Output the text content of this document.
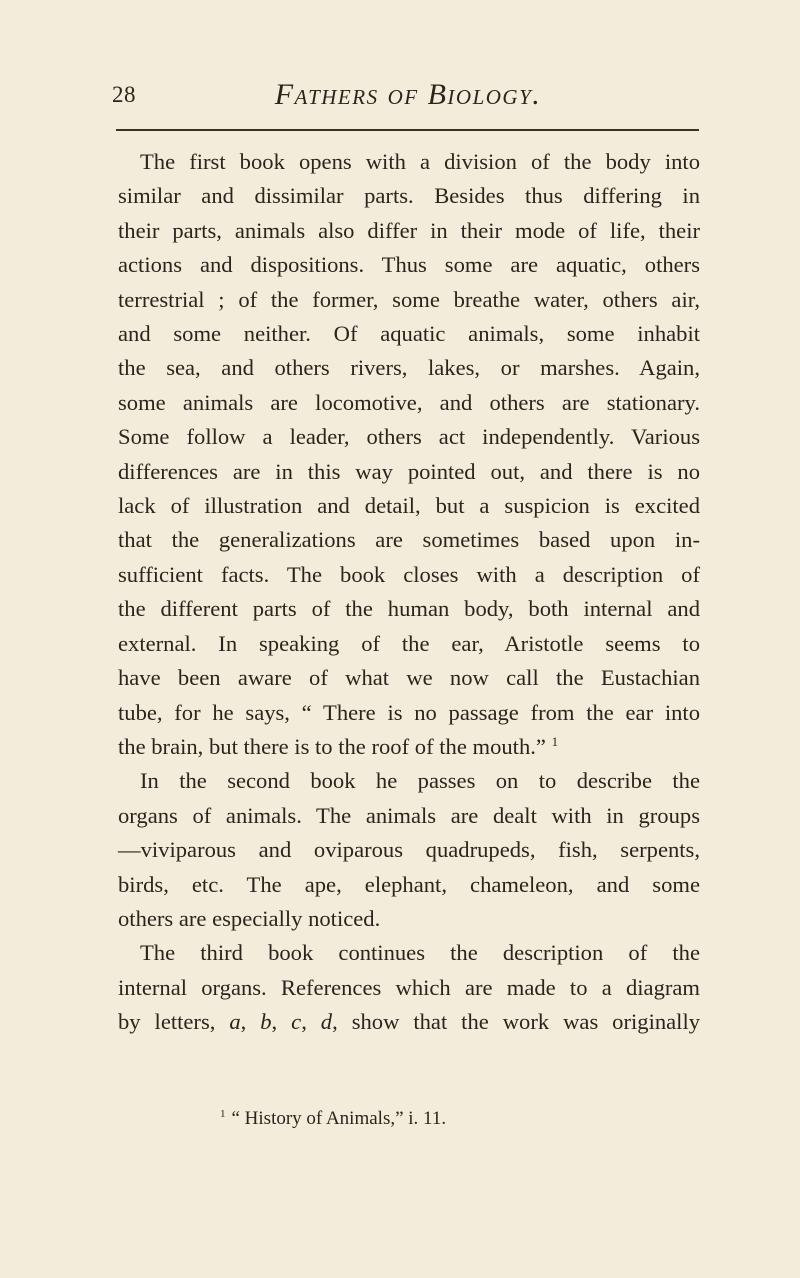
28	Fathers of Biology.

The first book opens with a division of the body into
similar and dissimilar parts. Besides thus differing in
their parts, animals also differ in their mode of life, their
actions and dispositions. Thus some are aquatic, others
terrestrial ; of the former, some breathe water, others air,
and some neither. Of aquatic animals, some inhabit
the sea, and others rivers, lakes, or marshes. Again,
some animals are locomotive, and others are stationary.
Some follow a leader, others act independently. Various
differences are in this way pointed out, and there is no
lack of illustration and detail, but a suspicion is excited
that the generalizations are sometimes based upon in-
sufficient facts. The book closes with a description of
the different parts of the human body, both internal and
external. In speaking of the ear, Aristotle seems to
have been aware of what we now call the Eustachian
tube, for he says, “ There is no passage from the ear into
the brain, but there is to the roof of the mouth.” $^1$

In the second book he passes on to describe the
organs of animals. The animals are dealt with in groups
—viviparous and oviparous quadrupeds, fish, serpents,
birds, etc. The ape, elephant, chameleon, and some
others are especially noticed.

The third book continues the description of the
internal organs. References which are made to a diagram
by letters, a, b, c, d, show that the work was originally

$^1$ “ History of Animals,” i. 11.
